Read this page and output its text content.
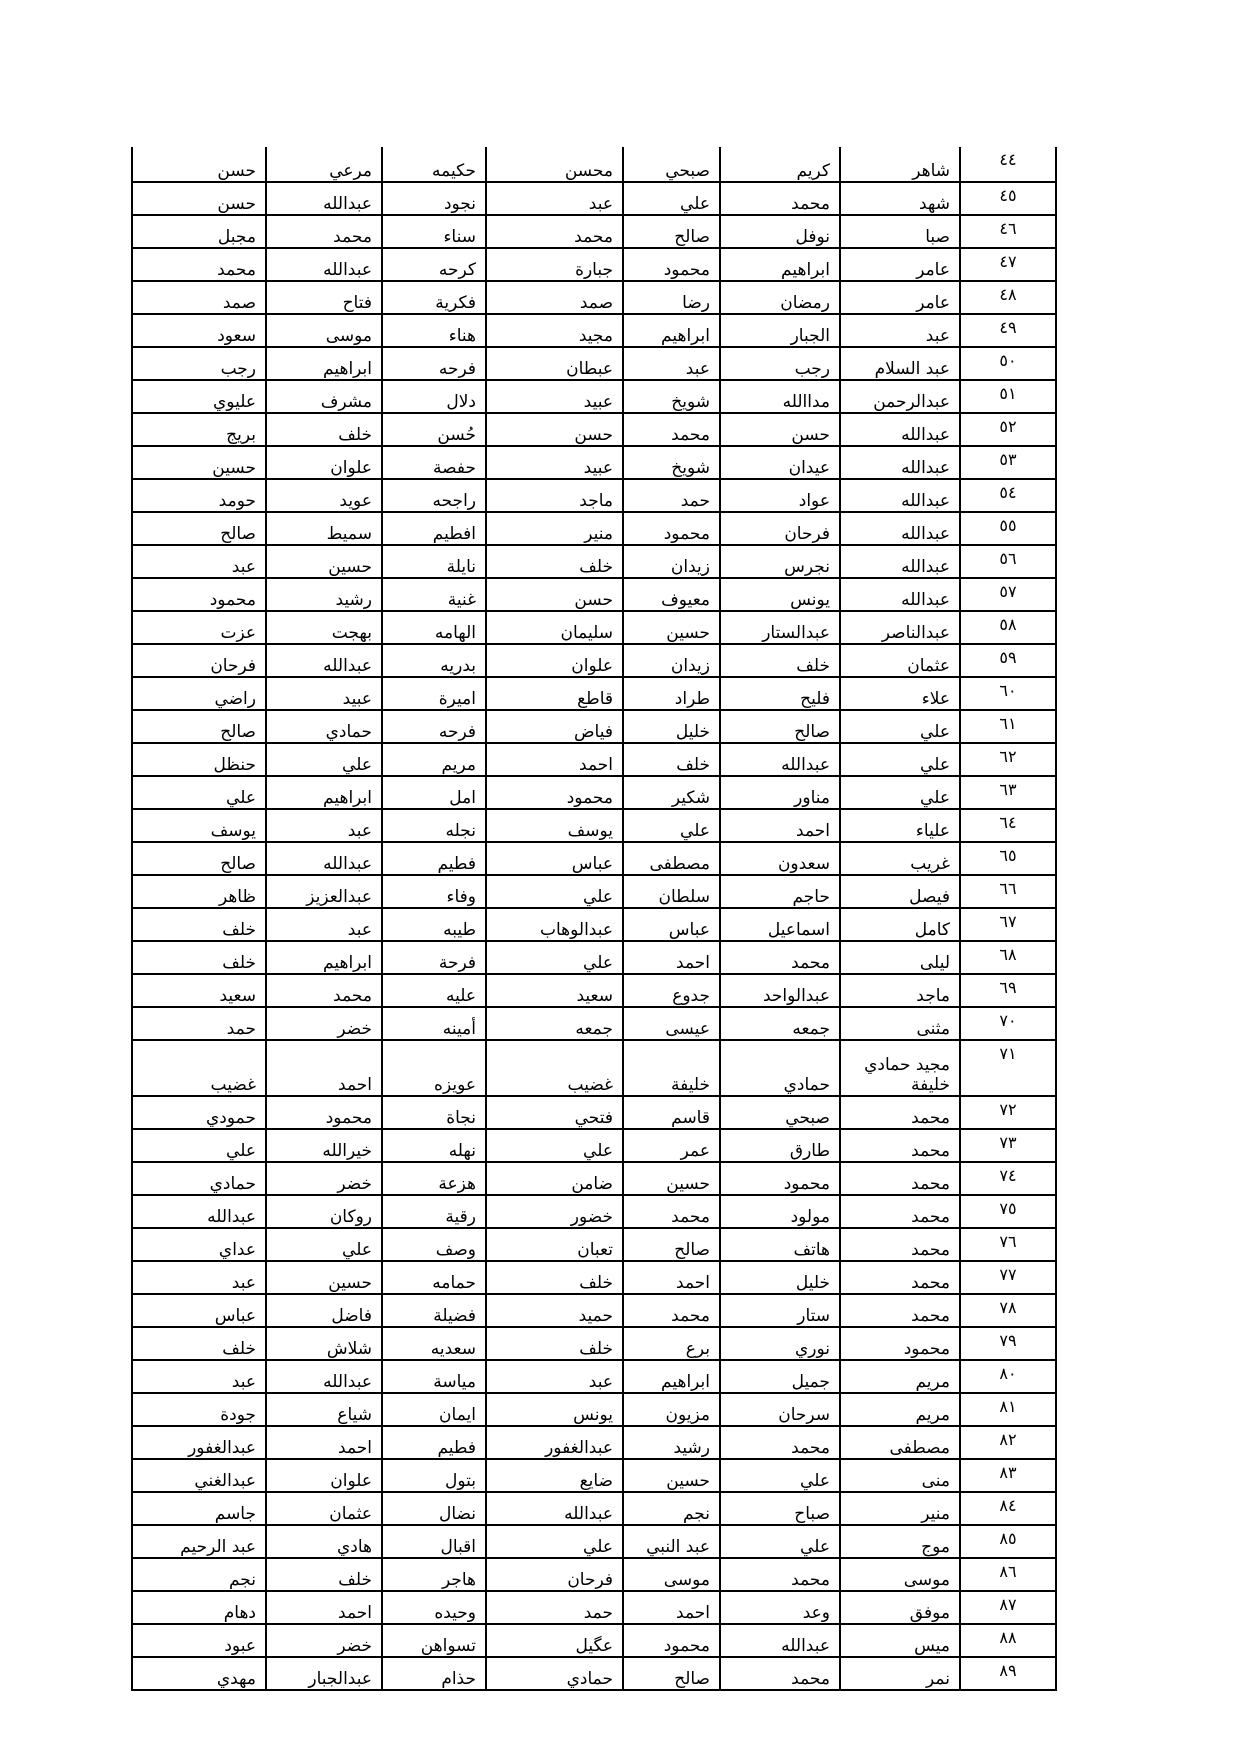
٤٤	شاهر	كريم	صبحي	محسن	حكيمه	مرعي	حسن
٤٥	شهد	محمد	علي	عبد	نجود	عبدالله	حسن
٤٦	صبا	نوفل	صالح	محمد	سناء	محمد	مجبل
٤٧	عامر	ابراهيم	محمود	جبارة	كرحه	عبدالله	محمد
٤٨	عامر	رمضان	رضا	صمد	فكرية	فتاح	صمد
٤٩	عبد	الجبار	ابراهيم	مجيد	هناء	موسى	سعود
٥٠	عبد السلام	رجب	عبد	عبطان	فرحه	ابراهيم	رجب
٥١	عبدالرحمن	مداالله	شويخ	عبيد	دلال	مشرف	عليوي
٥٢	عبدالله	حسن	محمد	حسن	حُسن	خلف	بريج
٥٣	عبدالله	عيدان	شويخ	عبيد	حفصة	علوان	حسين
٥٤	عبدالله	عواد	حمد	ماجد	راجحه	عويد	حومد
٥٥	عبدالله	فرحان	محمود	منير	افطيم	سميط	صالح
٥٦	عبدالله	نجرس	زيدان	خلف	نايلة	حسين	عبد
٥٧	عبدالله	يونس	معيوف	حسن	غنية	رشيد	محمود
٥٨	عبدالناصر	عبدالستار	حسين	سليمان	الهامه	بهجت	عزت
٥٩	عثمان	خلف	زيدان	علوان	بدريه	عبدالله	فرحان
٦٠	علاء	فليح	طراد	قاطع	اميرة	عبيد	راضي
٦١	علي	صالح	خليل	فياض	فرحه	حمادي	صالح
٦٢	علي	عبدالله	خلف	احمد	مريم	علي	حنظل
٦٣	علي	مناور	شكير	محمود	امل	ابراهيم	علي
٦٤	علياء	احمد	علي	يوسف	نجله	عبد	يوسف
٦٥	غريب	سعدون	مصطفى	عباس	فطيم	عبدالله	صالح
٦٦	فيصل	حاجم	سلطان	علي	وفاء	عبدالعزيز	ظاهر
٦٧	كامل	اسماعيل	عباس	عبدالوهاب	طيبه	عبد	خلف
٦٨	ليلى	محمد	احمد	علي	فرحة	ابراهيم	خلف
٦٩	ماجد	عبدالواحد	جدوع	سعيد	عليه	محمد	سعيد
٧٠	مثنى	جمعه	عيسى	جمعه	أمينه	خضر	حمد
٧١	مجيد حمادي خليفة	حمادي	خليفة	غضيب	عويزه	احمد	غضيب
٧٢	محمد	صبحي	قاسم	فتحي	نجاة	محمود	حمودي
٧٣	محمد	طارق	عمر	علي	نهله	خيرالله	علي
٧٤	محمد	محمود	حسين	ضامن	هزعة	خضر	حمادي
٧٥	محمد	مولود	محمد	خضور	رقية	روكان	عبدالله
٧٦	محمد	هاتف	صالح	تعبان	وصف	علي	عداي
٧٧	محمد	خليل	احمد	خلف	حمامه	حسين	عبد
٧٨	محمد	ستار	محمد	حميد	فضيلة	فاضل	عباس
٧٩	محمود	نوري	برع	خلف	سعديه	شلاش	خلف
٨٠	مريم	جميل	ابراهيم	عبد	مياسة	عبدالله	عبد
٨١	مريم	سرحان	مزيون	يونس	ايمان	شياع	جودة
٨٢	مصطفى	محمد	رشيد	عبدالغفور	فطيم	احمد	عبدالغفور
٨٣	منى	علي	حسين	ضايع	بتول	علوان	عبدالغني
٨٤	منير	صباح	نجم	عبدالله	نضال	عثمان	جاسم
٨٥	موج	علي	عبد النبي	علي	اقبال	هادي	عبد الرحيم
٨٦	موسى	محمد	موسى	فرحان	هاجر	خلف	نجم
٨٧	موفق	وعد	احمد	حمد	وحيده	احمد	دهام
٨٨	ميس	عبدالله	محمود	عگيل	تسواهن	خضر	عبود
٨٩	نمر	محمد	صالح	حمادي	حذام	عبدالجبار	مهدي
